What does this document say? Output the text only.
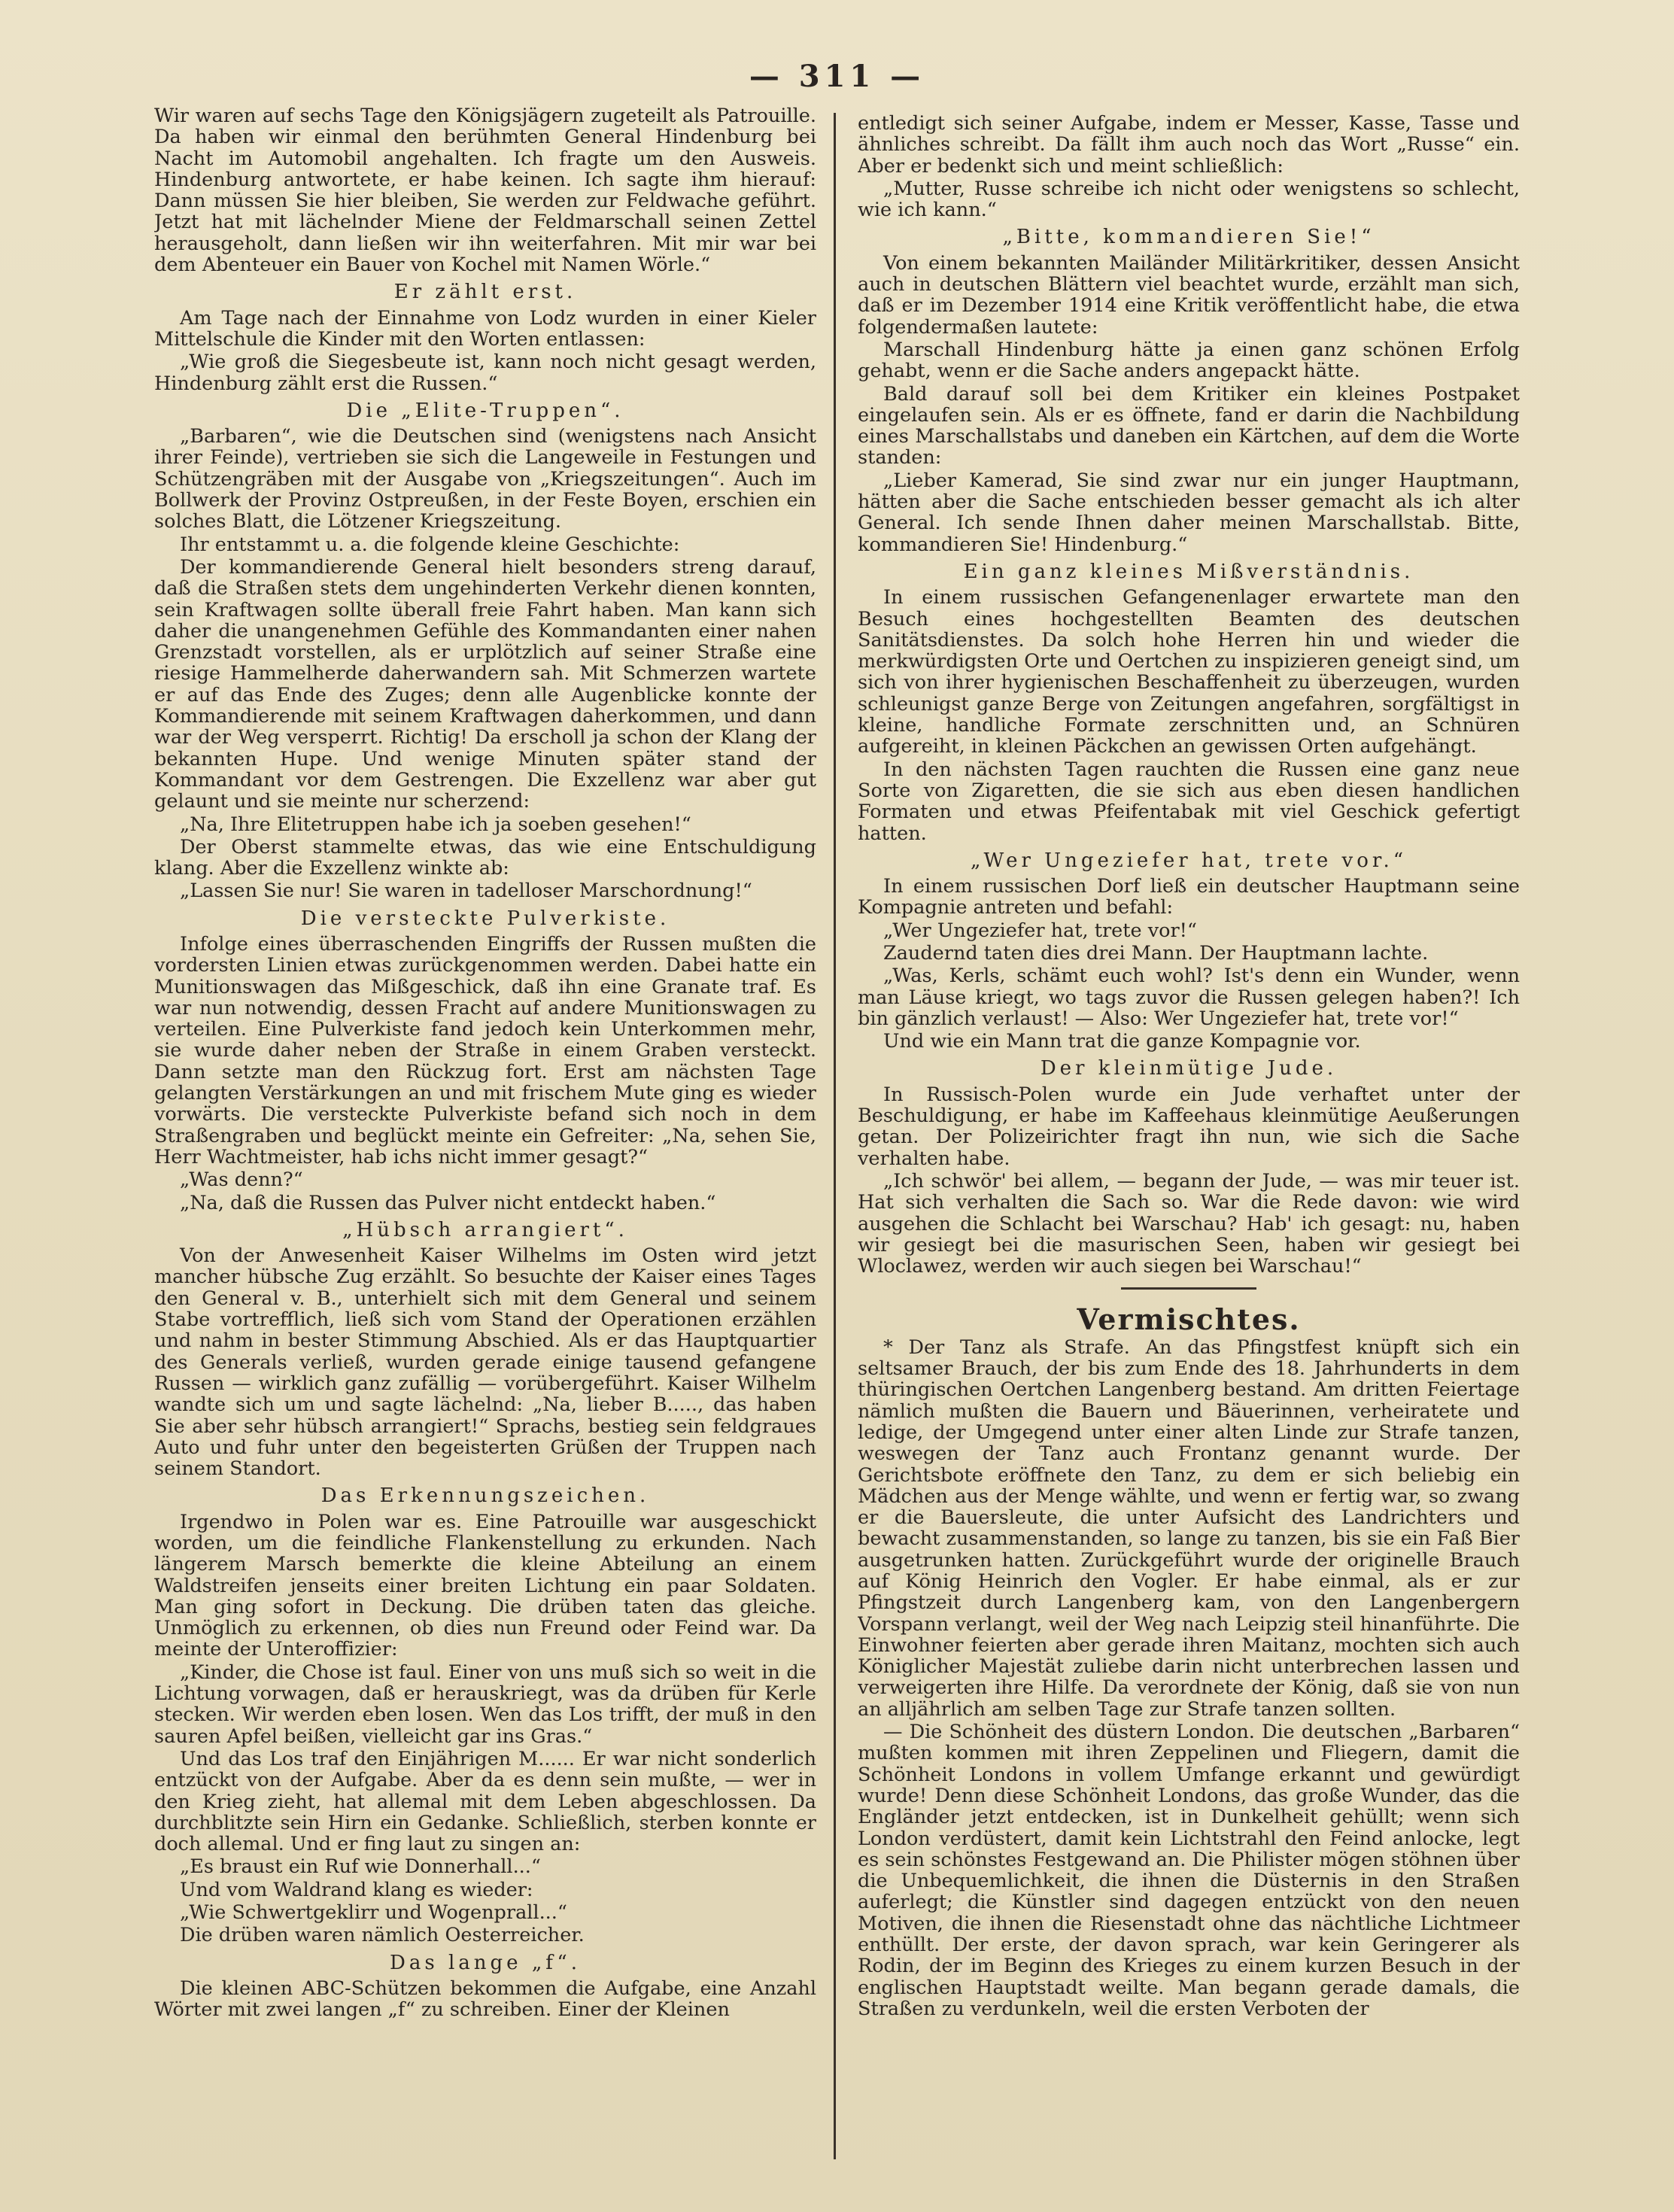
— 311 —

Wir waren auf sechs Tage den Königsjägern zugeteilt als Patrouille. Da haben wir einmal den berühmten General Hindenburg bei Nacht im Automobil angehalten. Ich fragte um den Ausweis. Hindenburg antwortete, er habe keinen. Ich sagte ihm hierauf: Dann müssen Sie hier bleiben, Sie werden zur Feldwache geführt. Jetzt hat mit lächelnder Miene der Feldmarschall seinen Zettel herausgeholt, dann ließen wir ihn weiterfahren. Mit mir war bei dem Abenteuer ein Bauer von Kochel mit Namen Wörle.“

Er zählt erst.

Am Tage nach der Einnahme von Lodz wurden in einer Kieler Mittelschule die Kinder mit den Worten entlassen:

„Wie groß die Siegesbeute ist, kann noch nicht gesagt werden, Hindenburg zählt erst die Russen.“

Die „Elite-Truppen“.

„Barbaren“, wie die Deutschen sind (wenigstens nach Ansicht ihrer Feinde), vertrieben sie sich die Langeweile in Festungen und Schützengräben mit der Ausgabe von „Kriegszeitungen“. Auch im Bollwerk der Provinz Ostpreußen, in der Feste Boyen, erschien ein solches Blatt, die Lötzener Kriegszeitung.

Ihr entstammt u. a. die folgende kleine Geschichte:

Der kommandierende General hielt besonders streng darauf, daß die Straßen stets dem ungehinderten Verkehr dienen konnten, sein Kraftwagen sollte überall freie Fahrt haben. Man kann sich daher die unangenehmen Gefühle des Kommandanten einer nahen Grenzstadt vorstellen, als er urplötzlich auf seiner Straße eine riesige Hammelherde daherwandern sah. Mit Schmerzen wartete er auf das Ende des Zuges; denn alle Augenblicke konnte der Kommandierende mit seinem Kraftwagen daherkommen, und dann war der Weg versperrt. Richtig! Da erscholl ja schon der Klang der bekannten Hupe. Und wenige Minuten später stand der Kommandant vor dem Gestrengen. Die Exzellenz war aber gut gelaunt und sie meinte nur scherzend:

„Na, Ihre Elitetruppen habe ich ja soeben gesehen!“

Der Oberst stammelte etwas, das wie eine Entschuldigung klang. Aber die Exzellenz winkte ab:

„Lassen Sie nur! Sie waren in tadelloser Marschordnung!“

Die versteckte Pulverkiste.

Infolge eines überraschenden Eingriffs der Russen mußten die vordersten Linien etwas zurückgenommen werden. Dabei hatte ein Munitionswagen das Mißgeschick, daß ihn eine Granate traf. Es war nun notwendig, dessen Fracht auf andere Munitionswagen zu verteilen. Eine Pulverkiste fand jedoch kein Unterkommen mehr, sie wurde daher neben der Straße in einem Graben versteckt. Dann setzte man den Rückzug fort. Erst am nächsten Tage gelangten Verstärkungen an und mit frischem Mute ging es wieder vorwärts. Die versteckte Pulverkiste befand sich noch in dem Straßengraben und beglückt meinte ein Gefreiter: „Na, sehen Sie, Herr Wachtmeister, hab ichs nicht immer gesagt?“

„Was denn?“

„Na, daß die Russen das Pulver nicht entdeckt haben.“

„Hübsch arrangiert“.

Von der Anwesenheit Kaiser Wilhelms im Osten wird jetzt mancher hübsche Zug erzählt. So besuchte der Kaiser eines Tages den General v. B., unterhielt sich mit dem General und seinem Stabe vortrefflich, ließ sich vom Stand der Operationen erzählen und nahm in bester Stimmung Abschied. Als er das Hauptquartier des Generals verließ, wurden gerade einige tausend gefangene Russen — wirklich ganz zufällig — vorübergeführt. Kaiser Wilhelm wandte sich um und sagte lächelnd: „Na, lieber B....., das haben Sie aber sehr hübsch arrangiert!“ Sprachs, bestieg sein feldgraues Auto und fuhr unter den begeisterten Grüßen der Truppen nach seinem Standort.

Das Erkennungszeichen.

Irgendwo in Polen war es. Eine Patrouille war ausgeschickt worden, um die feindliche Flankenstellung zu erkunden. Nach längerem Marsch bemerkte die kleine Abteilung an einem Waldstreifen jenseits einer breiten Lichtung ein paar Soldaten. Man ging sofort in Deckung. Die drüben taten das gleiche. Unmöglich zu erkennen, ob dies nun Freund oder Feind war. Da meinte der Unteroffizier:

„Kinder, die Chose ist faul. Einer von uns muß sich so weit in die Lichtung vorwagen, daß er herauskriegt, was da drüben für Kerle stecken. Wir werden eben losen. Wen das Los trifft, der muß in den sauren Apfel beißen, vielleicht gar ins Gras.“

Und das Los traf den Einjährigen M...... Er war nicht sonderlich entzückt von der Aufgabe. Aber da es denn sein mußte, — wer in den Krieg zieht, hat allemal mit dem Leben abgeschlossen. Da durchblitzte sein Hirn ein Gedanke. Schließlich, sterben konnte er doch allemal. Und er fing laut zu singen an:

„Es braust ein Ruf wie Donnerhall...“

Und vom Waldrand klang es wieder:

„Wie Schwertgeklirr und Wogenprall...“

Die drüben waren nämlich Oesterreicher.

Das lange „f“.

Die kleinen ABC-Schützen bekommen die Aufgabe, eine Anzahl Wörter mit zwei langen „f“ zu schreiben. Einer der Kleinen

entledigt sich seiner Aufgabe, indem er Messer, Kasse, Tasse und ähnliches schreibt. Da fällt ihm auch noch das Wort „Russe“ ein. Aber er bedenkt sich und meint schließlich:

„Mutter, Russe schreibe ich nicht oder wenigstens so schlecht, wie ich kann.“

„Bitte, kommandieren Sie!“

Von einem bekannten Mailänder Militärkritiker, dessen Ansicht auch in deutschen Blättern viel beachtet wurde, erzählt man sich, daß er im Dezember 1914 eine Kritik veröffentlicht habe, die etwa folgendermaßen lautete:

Marschall Hindenburg hätte ja einen ganz schönen Erfolg gehabt, wenn er die Sache anders angepackt hätte.

Bald darauf soll bei dem Kritiker ein kleines Postpaket eingelaufen sein. Als er es öffnete, fand er darin die Nachbildung eines Marschallstabs und daneben ein Kärtchen, auf dem die Worte standen:

„Lieber Kamerad, Sie sind zwar nur ein junger Hauptmann, hätten aber die Sache entschieden besser gemacht als ich alter General. Ich sende Ihnen daher meinen Marschallstab. Bitte, kommandieren Sie! Hindenburg.“

Ein ganz kleines Mißverständnis.

In einem russischen Gefangenenlager erwartete man den Besuch eines hochgestellten Beamten des deutschen Sanitätsdienstes. Da solch hohe Herren hin und wieder die merkwürdigsten Orte und Oertchen zu inspizieren geneigt sind, um sich von ihrer hygienischen Beschaffenheit zu überzeugen, wurden schleunigst ganze Berge von Zeitungen angefahren, sorgfältigst in kleine, handliche Formate zerschnitten und, an Schnüren aufgereiht, in kleinen Päckchen an gewissen Orten aufgehängt.

In den nächsten Tagen rauchten die Russen eine ganz neue Sorte von Zigaretten, die sie sich aus eben diesen handlichen Formaten und etwas Pfeifentabak mit viel Geschick gefertigt hatten.

„Wer Ungeziefer hat, trete vor.“

In einem russischen Dorf ließ ein deutscher Hauptmann seine Kompagnie antreten und befahl:

„Wer Ungeziefer hat, trete vor!“

Zaudernd taten dies drei Mann. Der Hauptmann lachte.

„Was, Kerls, schämt euch wohl? Ist's denn ein Wunder, wenn man Läuse kriegt, wo tags zuvor die Russen gelegen haben?! Ich bin gänzlich verlaust! — Also: Wer Ungeziefer hat, trete vor!“

Und wie ein Mann trat die ganze Kompagnie vor.

Der kleinmütige Jude.

In Russisch-Polen wurde ein Jude verhaftet unter der Beschuldigung, er habe im Kaffeehaus kleinmütige Aeußerungen getan. Der Polizeirichter fragt ihn nun, wie sich die Sache verhalten habe.

„Ich schwör' bei allem, — begann der Jude, — was mir teuer ist. Hat sich verhalten die Sach so. War die Rede davon: wie wird ausgehen die Schlacht bei Warschau? Hab' ich gesagt: nu, haben wir gesiegt bei die masurischen Seen, haben wir gesiegt bei Wloclawez, werden wir auch siegen bei Warschau!“

Vermischtes.

* Der Tanz als Strafe. An das Pfingstfest knüpft sich ein seltsamer Brauch, der bis zum Ende des 18. Jahrhunderts in dem thüringischen Oertchen Langenberg bestand. Am dritten Feiertage nämlich mußten die Bauern und Bäuerinnen, verheiratete und ledige, der Umgegend unter einer alten Linde zur Strafe tanzen, weswegen der Tanz auch Frontanz genannt wurde. Der Gerichtsbote eröffnete den Tanz, zu dem er sich beliebig ein Mädchen aus der Menge wählte, und wenn er fertig war, so zwang er die Bauersleute, die unter Aufsicht des Landrichters und bewacht zusammenstanden, so lange zu tanzen, bis sie ein Faß Bier ausgetrunken hatten. Zurückgeführt wurde der originelle Brauch auf König Heinrich den Vogler. Er habe einmal, als er zur Pfingstzeit durch Langenberg kam, von den Langenbergern Vorspann verlangt, weil der Weg nach Leipzig steil hinanführte. Die Einwohner feierten aber gerade ihren Maitanz, mochten sich auch Königlicher Majestät zuliebe darin nicht unterbrechen lassen und verweigerten ihre Hilfe. Da verordnete der König, daß sie von nun an alljährlich am selben Tage zur Strafe tanzen sollten.

— Die Schönheit des düstern London. Die deutschen „Barbaren“ mußten kommen mit ihren Zeppelinen und Fliegern, damit die Schönheit Londons in vollem Umfange erkannt und gewürdigt wurde! Denn diese Schönheit Londons, das große Wunder, das die Engländer jetzt entdecken, ist in Dunkelheit gehüllt; wenn sich London verdüstert, damit kein Lichtstrahl den Feind anlocke, legt es sein schönstes Festgewand an. Die Philister mögen stöhnen über die Unbequemlichkeit, die ihnen die Düsternis in den Straßen auferlegt; die Künstler sind dagegen entzückt von den neuen Motiven, die ihnen die Riesenstadt ohne das nächtliche Lichtmeer enthüllt. Der erste, der davon sprach, war kein Geringerer als Rodin, der im Beginn des Krieges zu einem kurzen Besuch in der englischen Hauptstadt weilte. Man begann gerade damals, die Straßen zu verdunkeln, weil die ersten Verboten der
